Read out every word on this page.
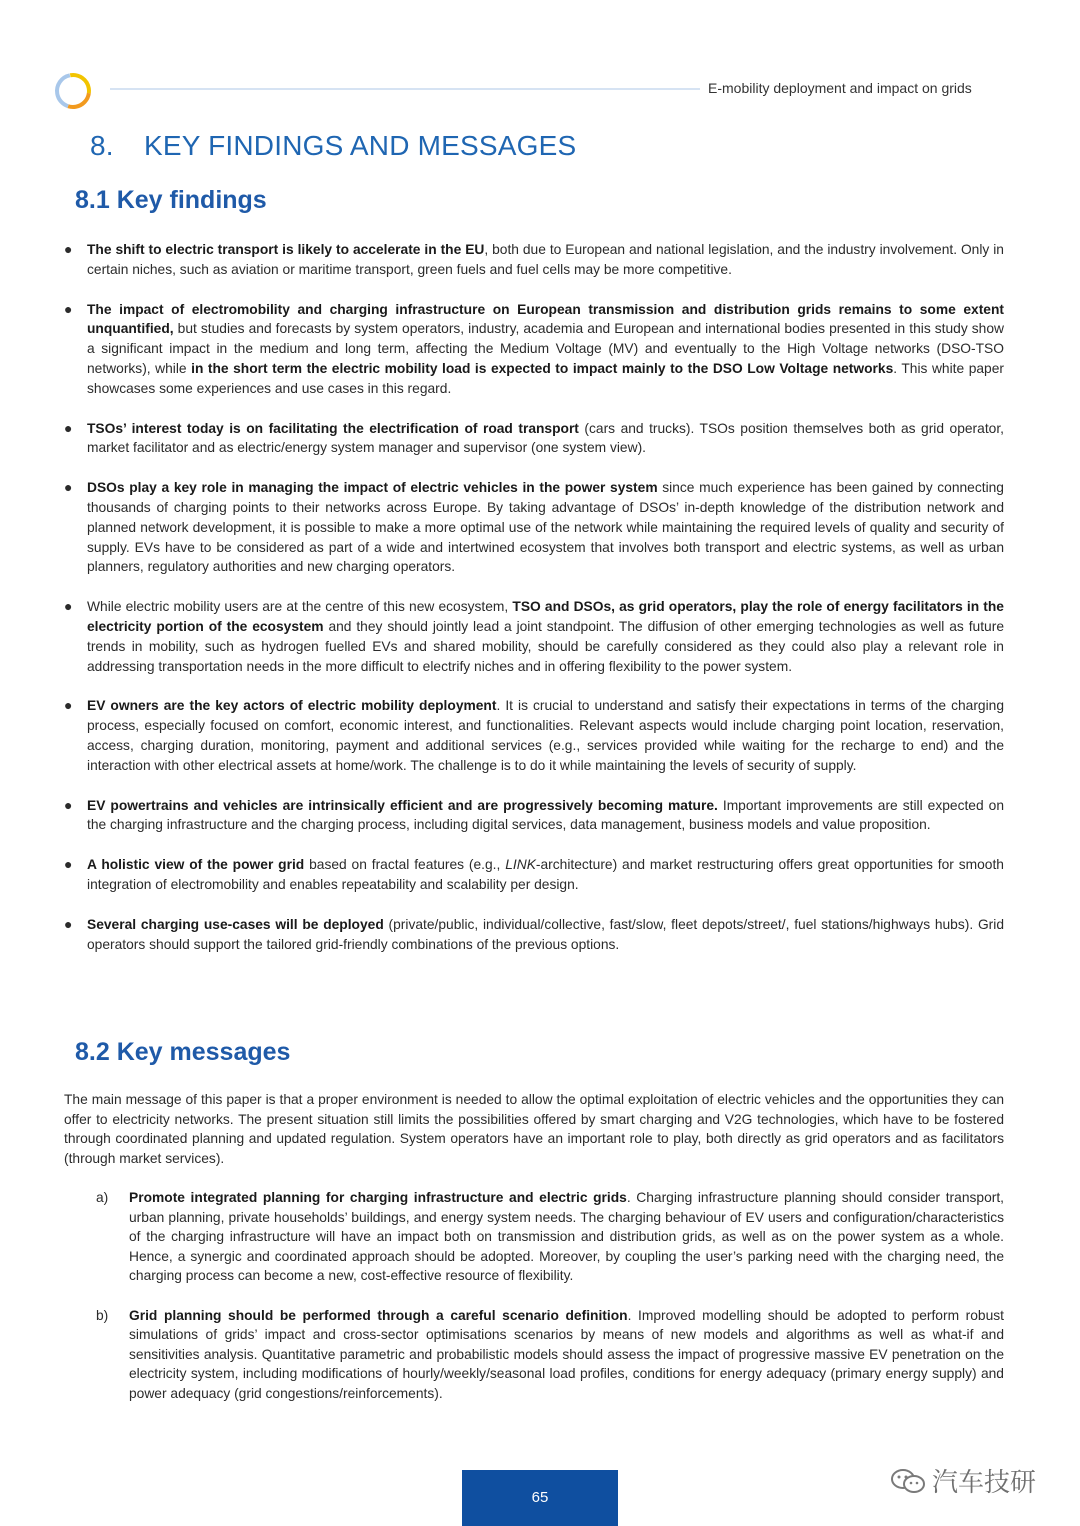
E-mobility deployment and impact on grids
8. KEY FINDINGS AND MESSAGES
8.1 Key findings
● The shift to electric transport is likely to accelerate in the EU, both due to European and national legislation, and the industry involvement. Only in certain niches, such as aviation or maritime transport, green fuels and fuel cells may be more competitive.
● The impact of electromobility and charging infrastructure on European transmission and distribution grids remains to some extent unquantified, but studies and forecasts by system operators, industry, academia and European and international bodies presented in this study show a significant impact in the medium and long term, affecting the Medium Voltage (MV) and eventually to the High Voltage networks (DSO-TSO networks), while in the short term the electric mobility load is expected to impact mainly to the DSO Low Voltage networks. This white paper showcases some experiences and use cases in this regard.
● TSOs’ interest today is on facilitating the electrification of road transport (cars and trucks). TSOs position themselves both as grid operator, market facilitator and as electric/energy system manager and supervisor (one system view).
● DSOs play a key role in managing the impact of electric vehicles in the power system since much experience has been gained by connecting thousands of charging points to their networks across Europe. By taking advantage of DSOs’ in-depth knowledge of the distribution network and planned network development, it is possible to make a more optimal use of the network while maintaining the required levels of quality and security of supply. EVs have to be considered as part of a wide and intertwined ecosystem that involves both transport and electric systems, as well as urban planners, regulatory authorities and new charging operators.
● While electric mobility users are at the centre of this new ecosystem, TSO and DSOs, as grid operators, play the role of energy facilitators in the electricity portion of the ecosystem and they should jointly lead a joint standpoint. The diffusion of other emerging technologies as well as future trends in mobility, such as hydrogen fuelled EVs and shared mobility, should be carefully considered as they could also play a relevant role in addressing transportation needs in the more difficult to electrify niches and in offering flexibility to the power system.
● EV owners are the key actors of electric mobility deployment. It is crucial to understand and satisfy their expectations in terms of the charging process, especially focused on comfort, economic interest, and functionalities. Relevant aspects would include charging point location, reservation, access, charging duration, monitoring, payment and additional services (e.g., services provided while waiting for the recharge to end) and the interaction with other electrical assets at home/work. The challenge is to do it while maintaining the levels of security of supply.
● EV powertrains and vehicles are intrinsically efficient and are progressively becoming mature. Important improvements are still expected on the charging infrastructure and the charging process, including digital services, data management, business models and value proposition.
● A holistic view of the power grid based on fractal features (e.g., LINK-architecture) and market restructuring offers great opportunities for smooth integration of electromobility and enables repeatability and scalability per design.
● Several charging use-cases will be deployed (private/public, individual/collective, fast/slow, fleet depots/street/, fuel stations/highways hubs). Grid operators should support the tailored grid-friendly combinations of the previous options.
8.2 Key messages

The main message of this paper is that a proper environment is needed to allow the optimal exploitation of electric vehicles and the opportunities they can offer to electricity networks. The present situation still limits the possibilities offered by smart charging and V2G technologies, which have to be fostered through coordinated planning and updated regulation. System operators have an important role to play, both directly as grid operators and as facilitators (through market services).

a) Promote integrated planning for charging infrastructure and electric grids. Charging infrastructure planning should consider transport, urban planning, private households’ buildings, and energy system needs. The charging behaviour of EV users and configuration/characteristics of the charging infrastructure will have an impact both on transmission and distribution grids, as well as on the power system as a whole. Hence, a synergic and coordinated approach should be adopted. Moreover, by coupling the user’s parking need with the charging need, the charging process can become a new, cost-effective resource of flexibility.
b) Grid planning should be performed through a careful scenario definition. Improved modelling should be adopted to perform robust simulations of grids’ impact and cross-sector optimisations scenarios by means of new models and algorithms as well as what-if and sensitivities analysis. Quantitative parametric and probabilistic models should assess the impact of progressive massive EV penetration on the electricity system, including modifications of hourly/weekly/seasonal load profiles, conditions for energy adequacy (primary energy supply) and power adequacy (grid congestions/reinforcements).
汽车技研
65
